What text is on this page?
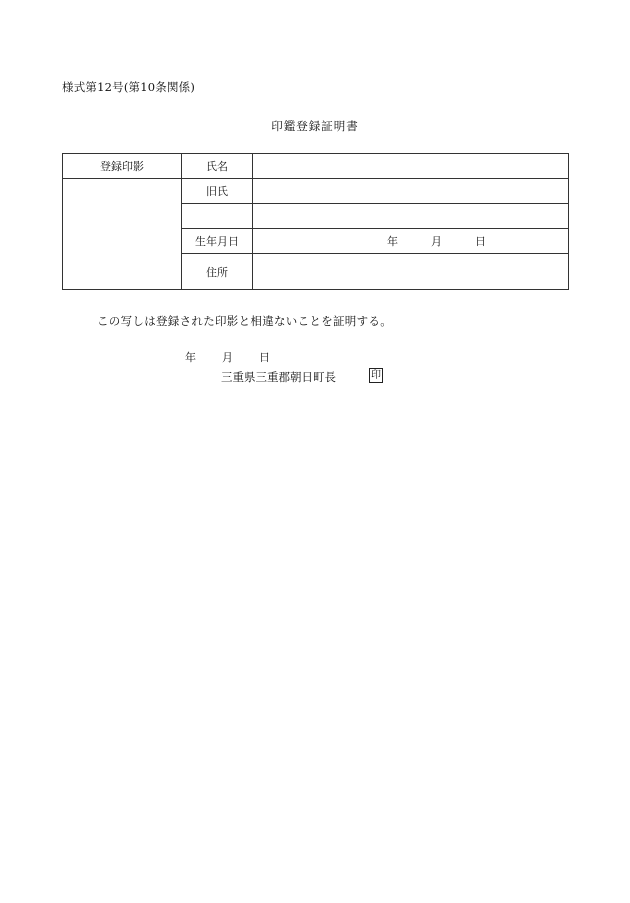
様式第12号(第10条関係)
印鑑登録証明書
登録印影	氏名	
	旧氏	

	生年月日	年 月 日
	住所	
この写しは登録された印影と相違ないことを証明する。
年 月 日
三重県三重郡朝日町長	印
